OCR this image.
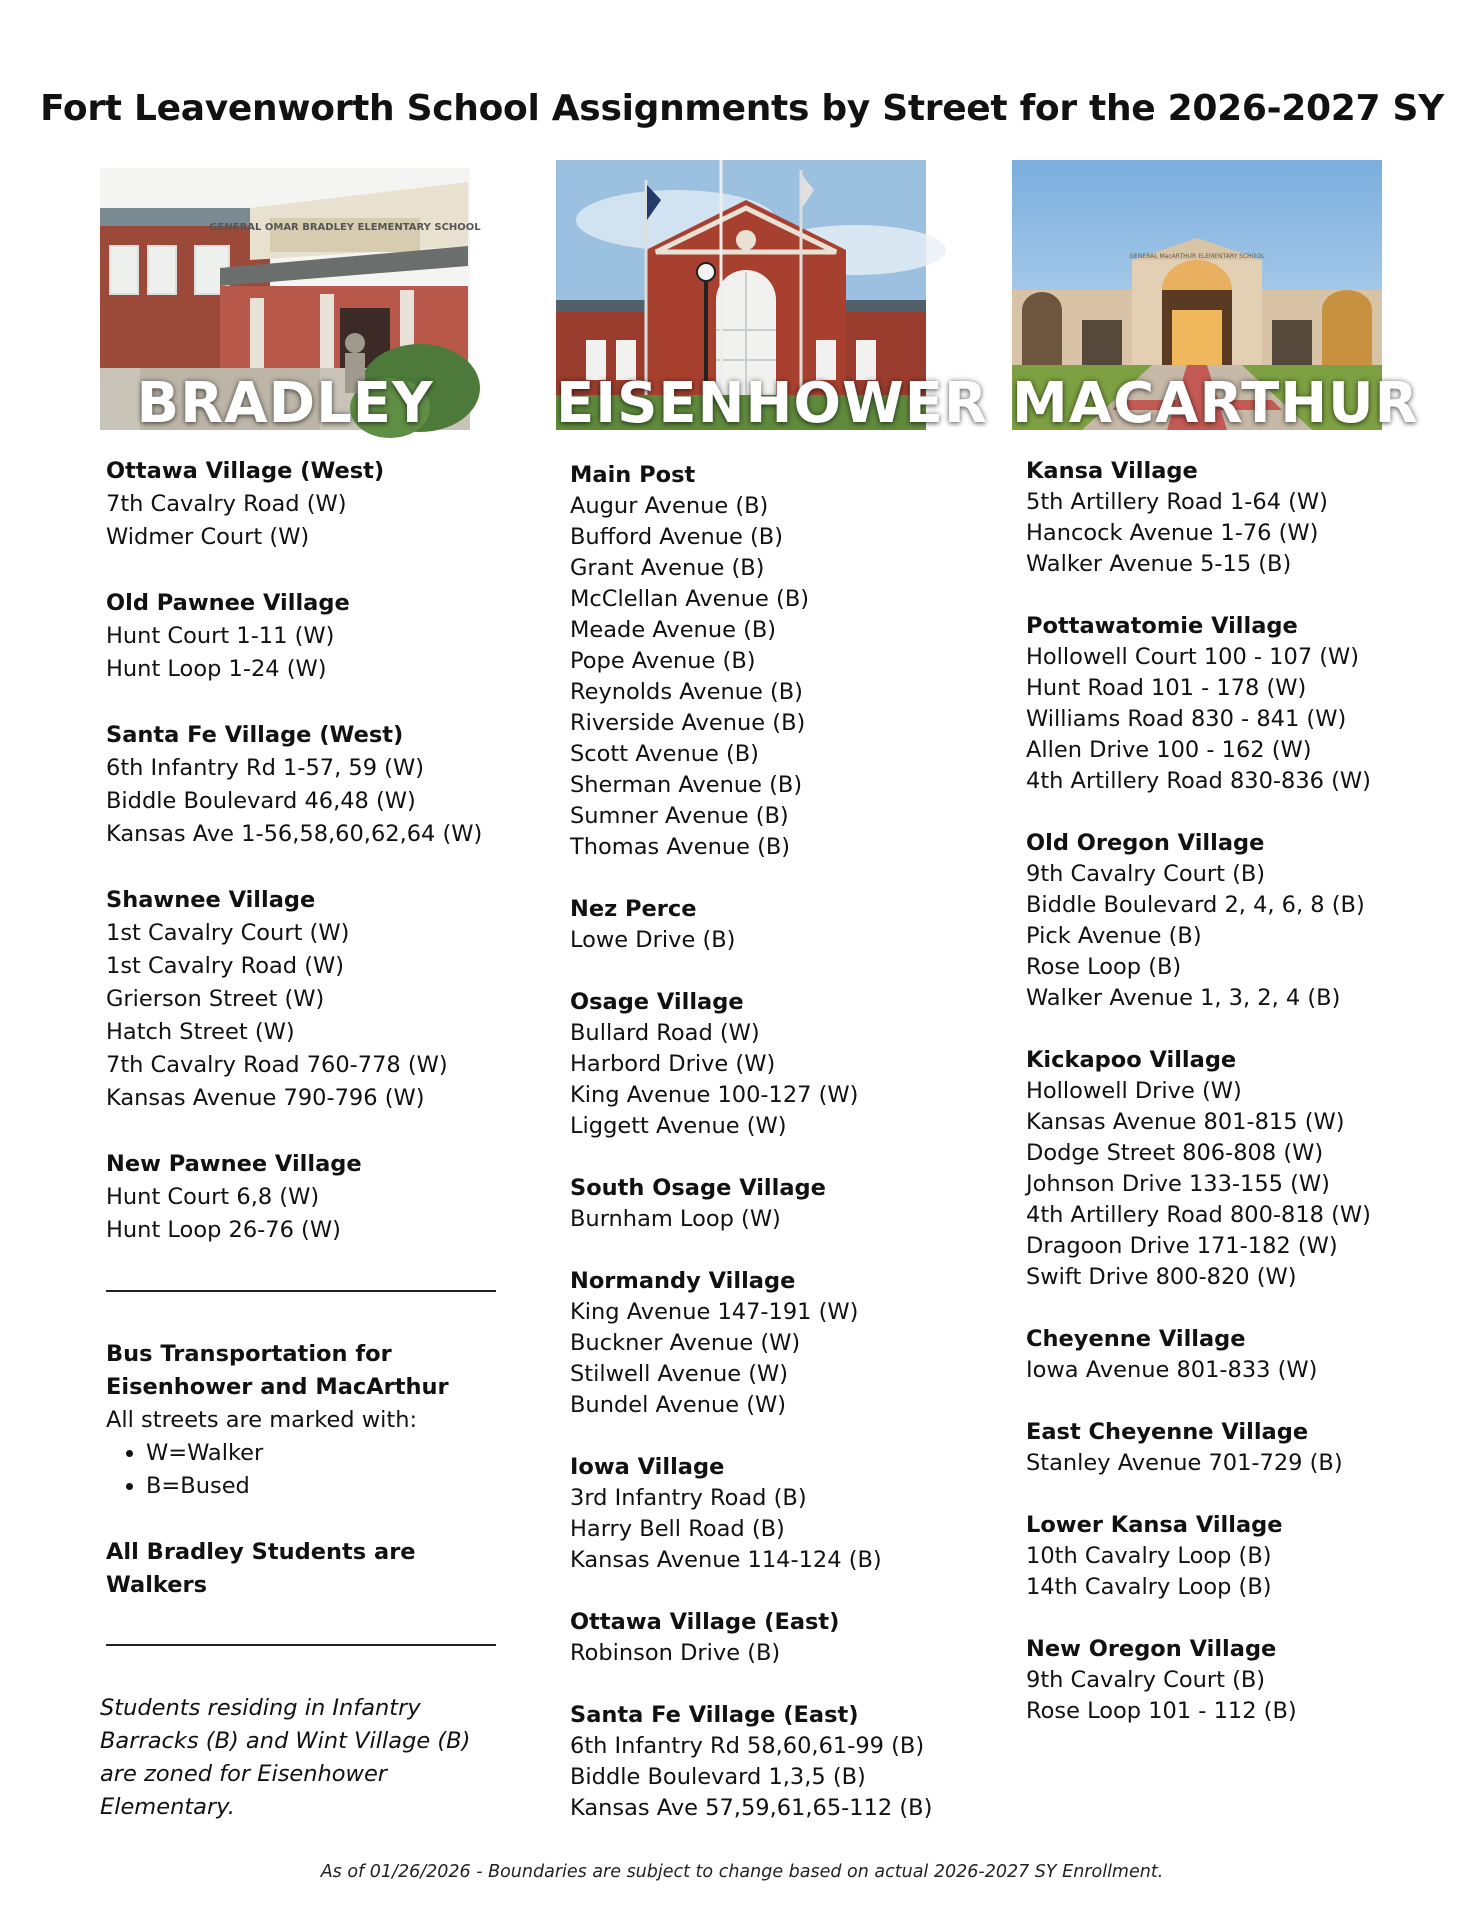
Fort Leavenworth School Assignments by Street for the 2026-2027 SY
GENERAL OMAR BRADLEY ELEMENTARY SCHOOL
BRADLEY	EISENHOWER
GENERAL MacARTHUR ELEMENTARY SCHOOL
MACARTHUR
Ottawa Village (West)
7th Cavalry Road (W)
Widmer Court (W)
Old Pawnee Village
Hunt Court 1-11 (W)
Hunt Loop 1-24 (W)
Santa Fe Village (West)
6th Infantry Rd 1-57, 59 (W)
Biddle Boulevard 46,48 (W)
Kansas Ave 1-56,58,60,62,64 (W)
Shawnee Village
1st Cavalry Court (W)
1st Cavalry Road (W)
Grierson Street (W)
Hatch Street (W)
7th Cavalry Road 760-778 (W)
Kansas Avenue 790-796 (W)
New Pawnee Village
Hunt Court 6,8 (W)
Hunt Loop 26-76 (W)
Bus Transportation for
Eisenhower and MacArthur
All streets are marked with:
• W=Walker
• B=Bused
All Bradley Students are
Walkers
Students residing in Infantry
Barracks (B) and Wint Village (B)
are zoned for Eisenhower
Elementary.
Main Post
Augur Avenue (B)
Bufford Avenue (B)
Grant Avenue (B)
McClellan Avenue (B)
Meade Avenue (B)
Pope Avenue (B)
Reynolds Avenue (B)
Riverside Avenue (B)
Scott Avenue (B)
Sherman Avenue (B)
Sumner Avenue (B)
Thomas Avenue (B)
Nez Perce
Lowe Drive (B)
Osage Village
Bullard Road (W)
Harbord Drive (W)
King Avenue 100-127 (W)
Liggett Avenue (W)
South Osage Village
Burnham Loop (W)
Normandy Village
King Avenue 147-191 (W)
Buckner Avenue (W)
Stilwell Avenue (W)
Bundel Avenue (W)
Iowa Village
3rd Infantry Road (B)
Harry Bell Road (B)
Kansas Avenue 114-124 (B)
Ottawa Village (East)
Robinson Drive (B)
Santa Fe Village (East)
6th Infantry Rd 58,60,61-99 (B)
Biddle Boulevard 1,3,5 (B)
Kansas Ave 57,59,61,65-112 (B)
Kansa Village
5th Artillery Road 1-64 (W)
Hancock Avenue 1-76 (W)
Walker Avenue 5-15 (B)
Pottawatomie Village
Hollowell Court 100 - 107 (W)
Hunt Road 101 - 178 (W)
Williams Road 830 - 841 (W)
Allen Drive 100 - 162 (W)
4th Artillery Road 830-836 (W)
Old Oregon Village
9th Cavalry Court (B)
Biddle Boulevard 2, 4, 6, 8 (B)
Pick Avenue (B)
Rose Loop (B)
Walker Avenue 1, 3, 2, 4 (B)
Kickapoo Village
Hollowell Drive (W)
Kansas Avenue 801-815 (W)
Dodge Street 806-808 (W)
Johnson Drive 133-155 (W)
4th Artillery Road 800-818 (W)
Dragoon Drive 171-182 (W)
Swift Drive 800-820 (W)
Cheyenne Village
Iowa Avenue 801-833 (W)
East Cheyenne Village
Stanley Avenue 701-729 (B)
Lower Kansa Village
10th Cavalry Loop (B)
14th Cavalry Loop (B)
New Oregon Village
9th Cavalry Court (B)
Rose Loop 101 - 112 (B)
As of 01/26/2026 - Boundaries are subject to change based on actual 2026-2027 SY Enrollment.
